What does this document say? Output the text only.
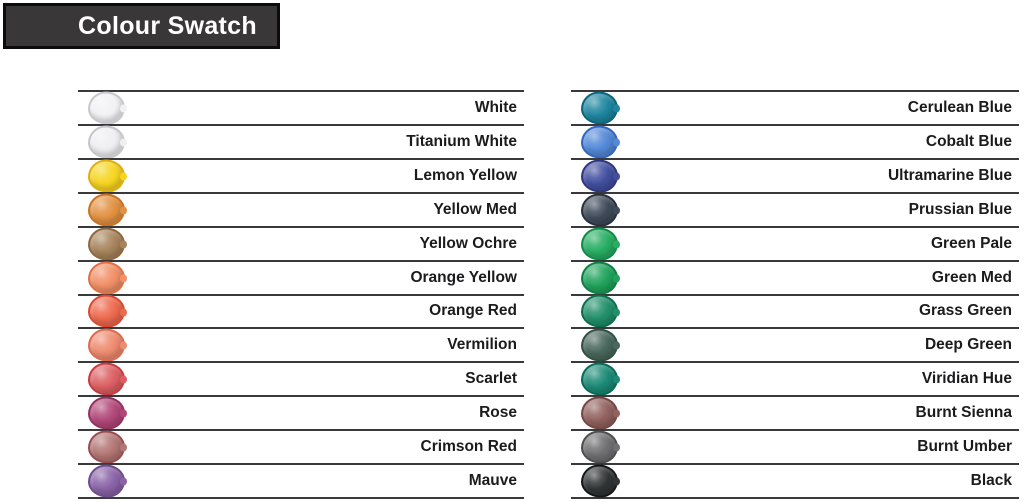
Colour Swatch
White
Titanium White
Lemon Yellow
Yellow Med
Yellow Ochre
Orange Yellow
Orange Red
Vermilion
Scarlet
Rose
Crimson Red
Mauve
Cerulean Blue
Cobalt Blue
Ultramarine Blue
Prussian Blue
Green Pale
Green Med
Grass Green
Deep Green
Viridian Hue
Burnt Sienna
Burnt Umber
Black
